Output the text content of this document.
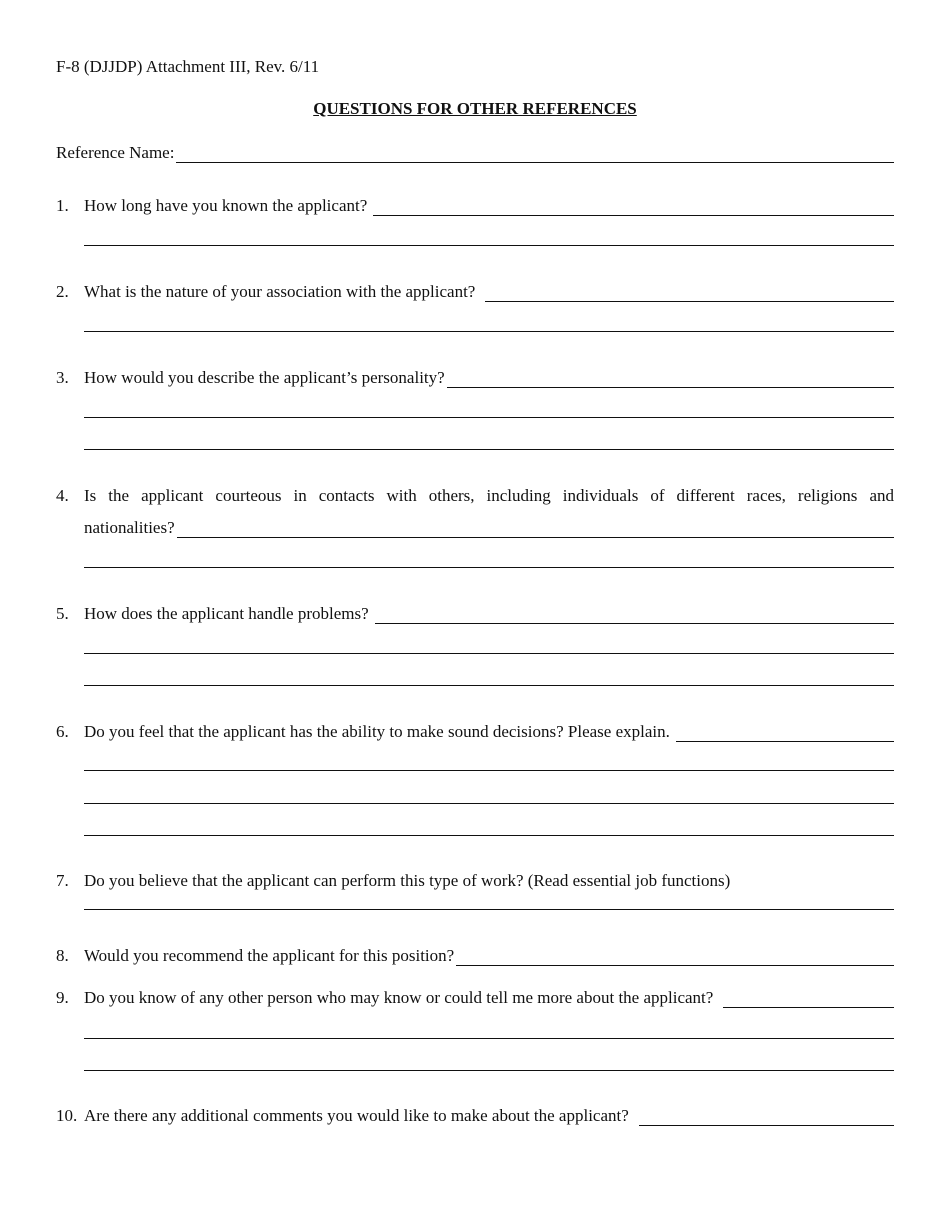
F-8 (DJJDP) Attachment III, Rev. 6/11
QUESTIONS FOR OTHER REFERENCES
Reference Name:
1. How long have you known the applicant?
2. What is the nature of your association with the applicant?
3. How would you describe the applicant’s personality?
4. Is the applicant courteous in contacts with others, including individuals of different races, religions and
nationalities?
5. How does the applicant handle problems?
6. Do you feel that the applicant has the ability to make sound decisions? Please explain.
7. Do you believe that the applicant can perform this type of work? (Read essential job functions)
8. Would you recommend the applicant for this position?
9. Do you know of any other person who may know or could tell me more about the applicant?
10. Are there any additional comments you would like to make about the applicant?
